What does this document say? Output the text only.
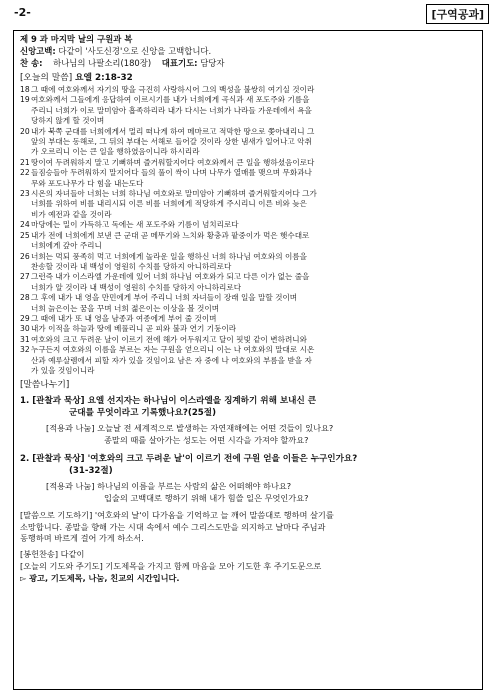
-2-	[구역공과]
제 9 과 마지막 날의 구원과 복
신앙고백: 다같이 '사도신경'으로 신앙을 고백합니다.
찬 송: 하나님의 나팔소리(180장) 대표기도: 담당자
[오늘의 말씀] 요엘 2:18-32
18 그 때에 여호와께서 자기의 땅을 극진히 사랑하시어 그의 백성을 불쌍히 여기실 것이라
19 여호와께서 그들에게 응답하여 이르시기를 내가 너희에게 곡식과 새 포도주와 기름을
주리니 너희가 이로 말미암아 흡족하리라 내가 다시는 너희가 나라들 가운데에서 욕을
당하지 않게 할 것이며
20 내가 북쪽 군대를 너희에게서 멀리 떠나게 하여 메마르고 적막한 땅으로 쫓아내리니 그
앞의 부대는 동해로, 그 뒤의 부대는 서해로 들어갈 것이라 상한 냄새가 일어나고 악취
가 오르리니 이는 큰 일을 행하였음이니라 하시리라
21 땅이여 두려워하지 말고 기뻐하며 즐거워할지어다 여호와께서 큰 일을 행하셨음이로다
22 들짐승들아 두려워하지 말지어다 들의 풀이 싹이 나며 나무가 열매를 맺으며 무화과나
무와 포도나무가 다 힘을 내는도다
23 시온의 자녀들아 너희는 너희 하나님 여호와로 말미암아 기뻐하며 즐거워할지어다 그가
너희를 위하여 비를 내리시되 이른 비를 너희에게 적당하게 주시리니 이른 비와 늦은
비가 예전과 같을 것이라
24 마당에는 밀이 가득하고 독에는 새 포도주와 기름이 넘치리로다
25 내가 전에 너희에게 보낸 큰 군대 곧 메뚜기와 느치와 황충과 팥중이가 먹은 햇수대로
너희에게 갚아 주리니
26 너희는 먹되 풍족히 먹고 너희에게 놀라운 일을 행하신 너희 하나님 여호와의 이름을
찬송할 것이라 내 백성이 영원히 수치를 당하지 아니하리로다
27 그런즉 내가 이스라엘 가운데에 있어 너희 하나님 여호와가 되고 다른 이가 없는 줄을
너희가 알 것이라 내 백성이 영원히 수치를 당하지 아니하리로다
28 그 후에 내가 내 영을 만민에게 부어 주리니 너희 자녀들이 장래 일을 말할 것이며
너희 늙은이는 꿈을 꾸며 너희 젊은이는 이상을 볼 것이며
29 그 때에 내가 또 내 영을 남종과 여종에게 부어 줄 것이며
30 내가 이적을 하늘과 땅에 베풀리니 곧 피와 불과 연기 기둥이라
31 여호와의 크고 두려운 날이 이르기 전에 해가 어두워지고 달이 핏빛 같이 변하려니와
32 누구든지 여호와의 이름을 부르는 자는 구원을 얻으리니 이는 나 여호와의 말대로 시온
산과 예루살렘에서 피할 자가 있을 것임이요 남은 자 중에 나 여호와의 부름을 받을 자
가 있을 것임이니라
[말씀나누기]
1. [관찰과 묵상] 요엘 선지자는 하나님이 이스라엘을 징계하기 위해 보내신 큰
군대를 무엇이라고 기록했나요?(25절)
[적용과 나눔] 오늘날 전 세계적으로 발생하는 자연재해에는 어떤 것들이 있나요?
종말의 때를 살아가는 성도는 어떤 시각을 가져야 할까요?
2. [관찰과 묵상] '여호와의 크고 두려운 날'이 이르기 전에 구원 얻을 이들은 누구인가요?
(31-32절)
[적용과 나눔] 하나님의 이름을 부르는 사람의 삶은 어떠해야 하나요?
입술의 고백대로 행하기 위해 내가 힘쓸 일은 무엇인가요?
[말씀으로 기도하기] '여호와의 날'이 다가옴을 기억하고 늘 깨어 말씀대로 행하며 살기를
소망합니다. 종말을 향해 가는 시대 속에서 예수 그리스도만을 의지하고 날마다 주님과
동행하며 바르게 걸어 가게 하소서.
[봉헌찬송] 다같이
[오늘의 기도와 주기도] 기도제목을 가지고 함께 마음을 모아 기도한 후 주기도문으로
▻ 광고, 기도제목, 나눔, 친교의 시간입니다.
